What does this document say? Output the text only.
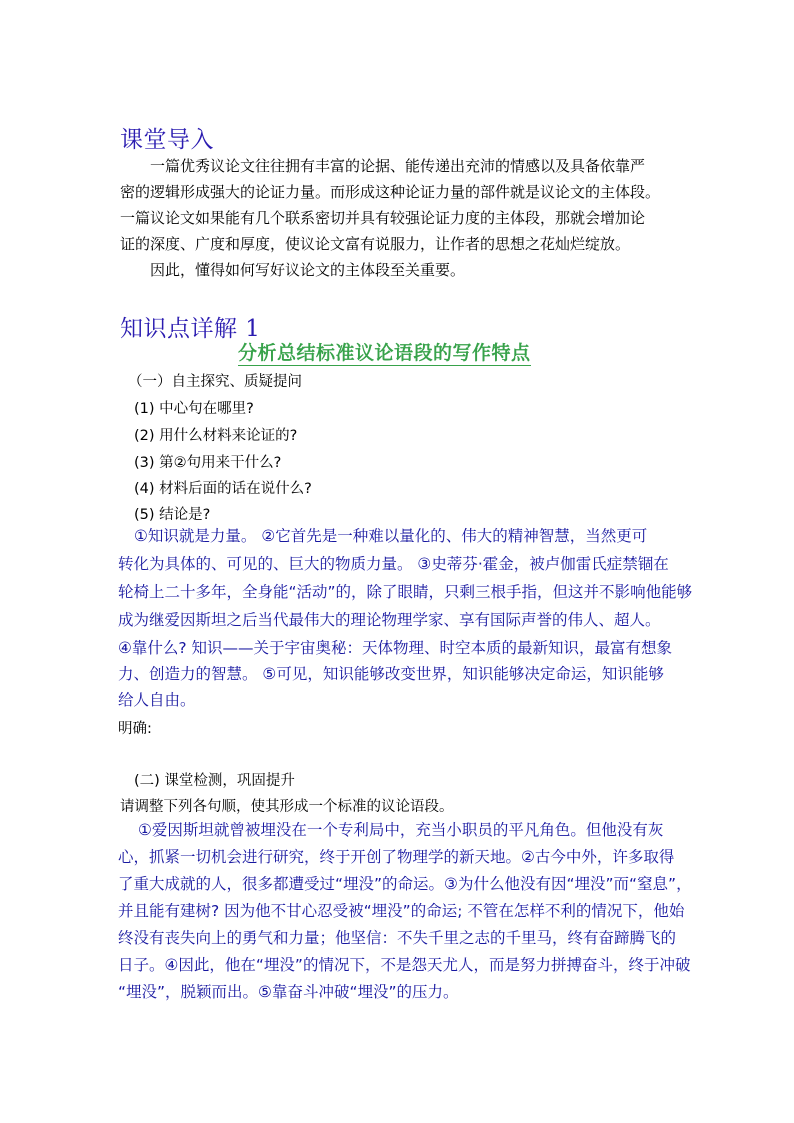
课堂导入
一篇优秀议论文往往拥有丰富的论据、能传递出充沛的情感以及具备依靠严
密的逻辑形成强大的论证力量。而形成这种论证力量的部件就是议论文的主体段。
一篇议论文如果能有几个联系密切并具有较强论证力度的主体段，那就会增加论
证的深度、广度和厚度，使议论文富有说服力，让作者的思想之花灿烂绽放。
因此，懂得如何写好议论文的主体段至关重要。
知识点详解 1
分析总结标准议论语段的写作特点
（一）自主探究、质疑提问
(1) 中心句在哪里?
(2) 用什么材料来论证的?
(3) 第②句用来干什么?
(4) 材料后面的话在说什么?
(5) 结论是?
①知识就是力量。 ②它首先是一种难以量化的、伟大的精神智慧，当然更可
转化为具体的、可见的、巨大的物质力量。 ③史蒂芬·霍金，被卢伽雷氏症禁锢在
轮椅上二十多年，全身能“活动”的，除了眼睛，只剩三根手指，但这并不影响他能够
成为继爱因斯坦之后当代最伟大的理论物理学家、享有国际声誉的伟人、超人。
④靠什么? 知识——关于宇宙奥秘：天体物理、时空本质的最新知识，最富有想象
力、创造力的智慧。 ⑤可见，知识能够改变世界，知识能够决定命运，知识能够
给人自由。
明确:
(二) 课堂检测，巩固提升
请调整下列各句顺，使其形成一个标准的议论语段。
①爱因斯坦就曾被埋没在一个专利局中，充当小职员的平凡角色。但他没有灰
心，抓紧一切机会进行研究，终于开创了物理学的新天地。②古今中外，许多取得
了重大成就的人，很多都遭受过“埋没”的命运。③为什么他没有因“埋没”而“窒息”，
并且能有建树? 因为他不甘心忍受被“埋没”的命运; 不管在怎样不利的情况下，他始
终没有丧失向上的勇气和力量；他坚信：不失千里之志的千里马，终有奋蹄腾飞的
日子。④因此，他在“埋没”的情况下，不是怨天尤人，而是努力拼搏奋斗，终于冲破
“埋没”，脱颖而出。⑤靠奋斗冲破“埋没”的压力。
